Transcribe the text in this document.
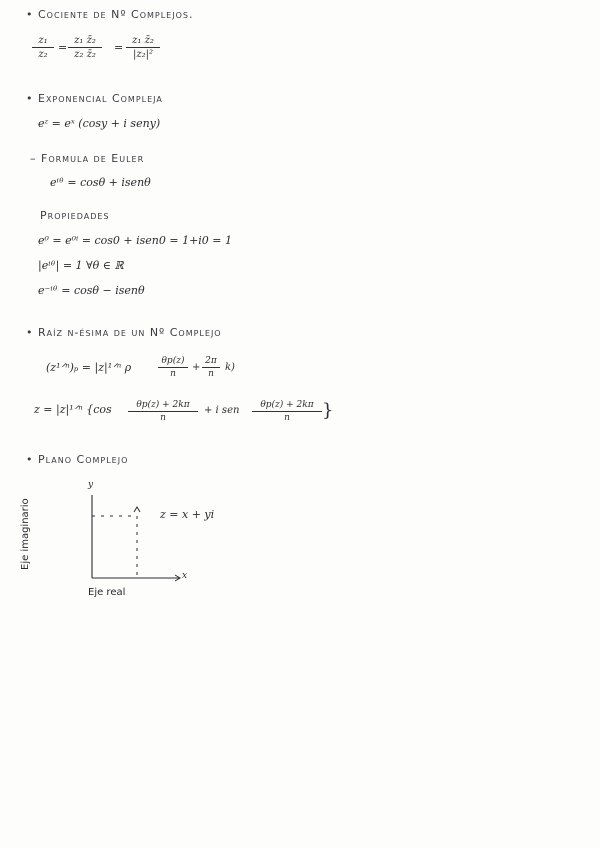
• Cociente de Nº Complejos.
$\frac{\text{z₁}}{\text{z₂}} = \frac{\text{z₁ z̄₂}}{\text{z₂ z̄₂}} = \frac{\text{z₁ z̄₂}}{\text{|z₂|²}}$
• Exponencial Compleja
eᶻ = eˣ (cosy + i seny)
– Formula de Euler
eⁱᶿ = cosθ + isenθ
Propiedades
e⁰ = e⁰ⁱ = cos0 + isen0 = 1+i0 = 1
|eⁱᶿ| = 1 ∀θ ∈ ℝ
e⁻ⁱᶿ = cosθ − isenθ
• Raíz n-ésima de un Nº Complejo
(z¹ᐟⁿ)ₚ = |z|¹ᐟⁿ ρ	$\frac{\theta p(z)}{n} + \frac{2\pi}{n} k$)
z = |z|¹ᐟⁿ {$\cos \frac{\theta p(z) + 2k\pi}{n} + i$ sen $\frac{\theta p(z) + 2k\pi}{n}$ }
• Plano Complejo
y
x
z = x + yi
Eje real
Eje imaginario
